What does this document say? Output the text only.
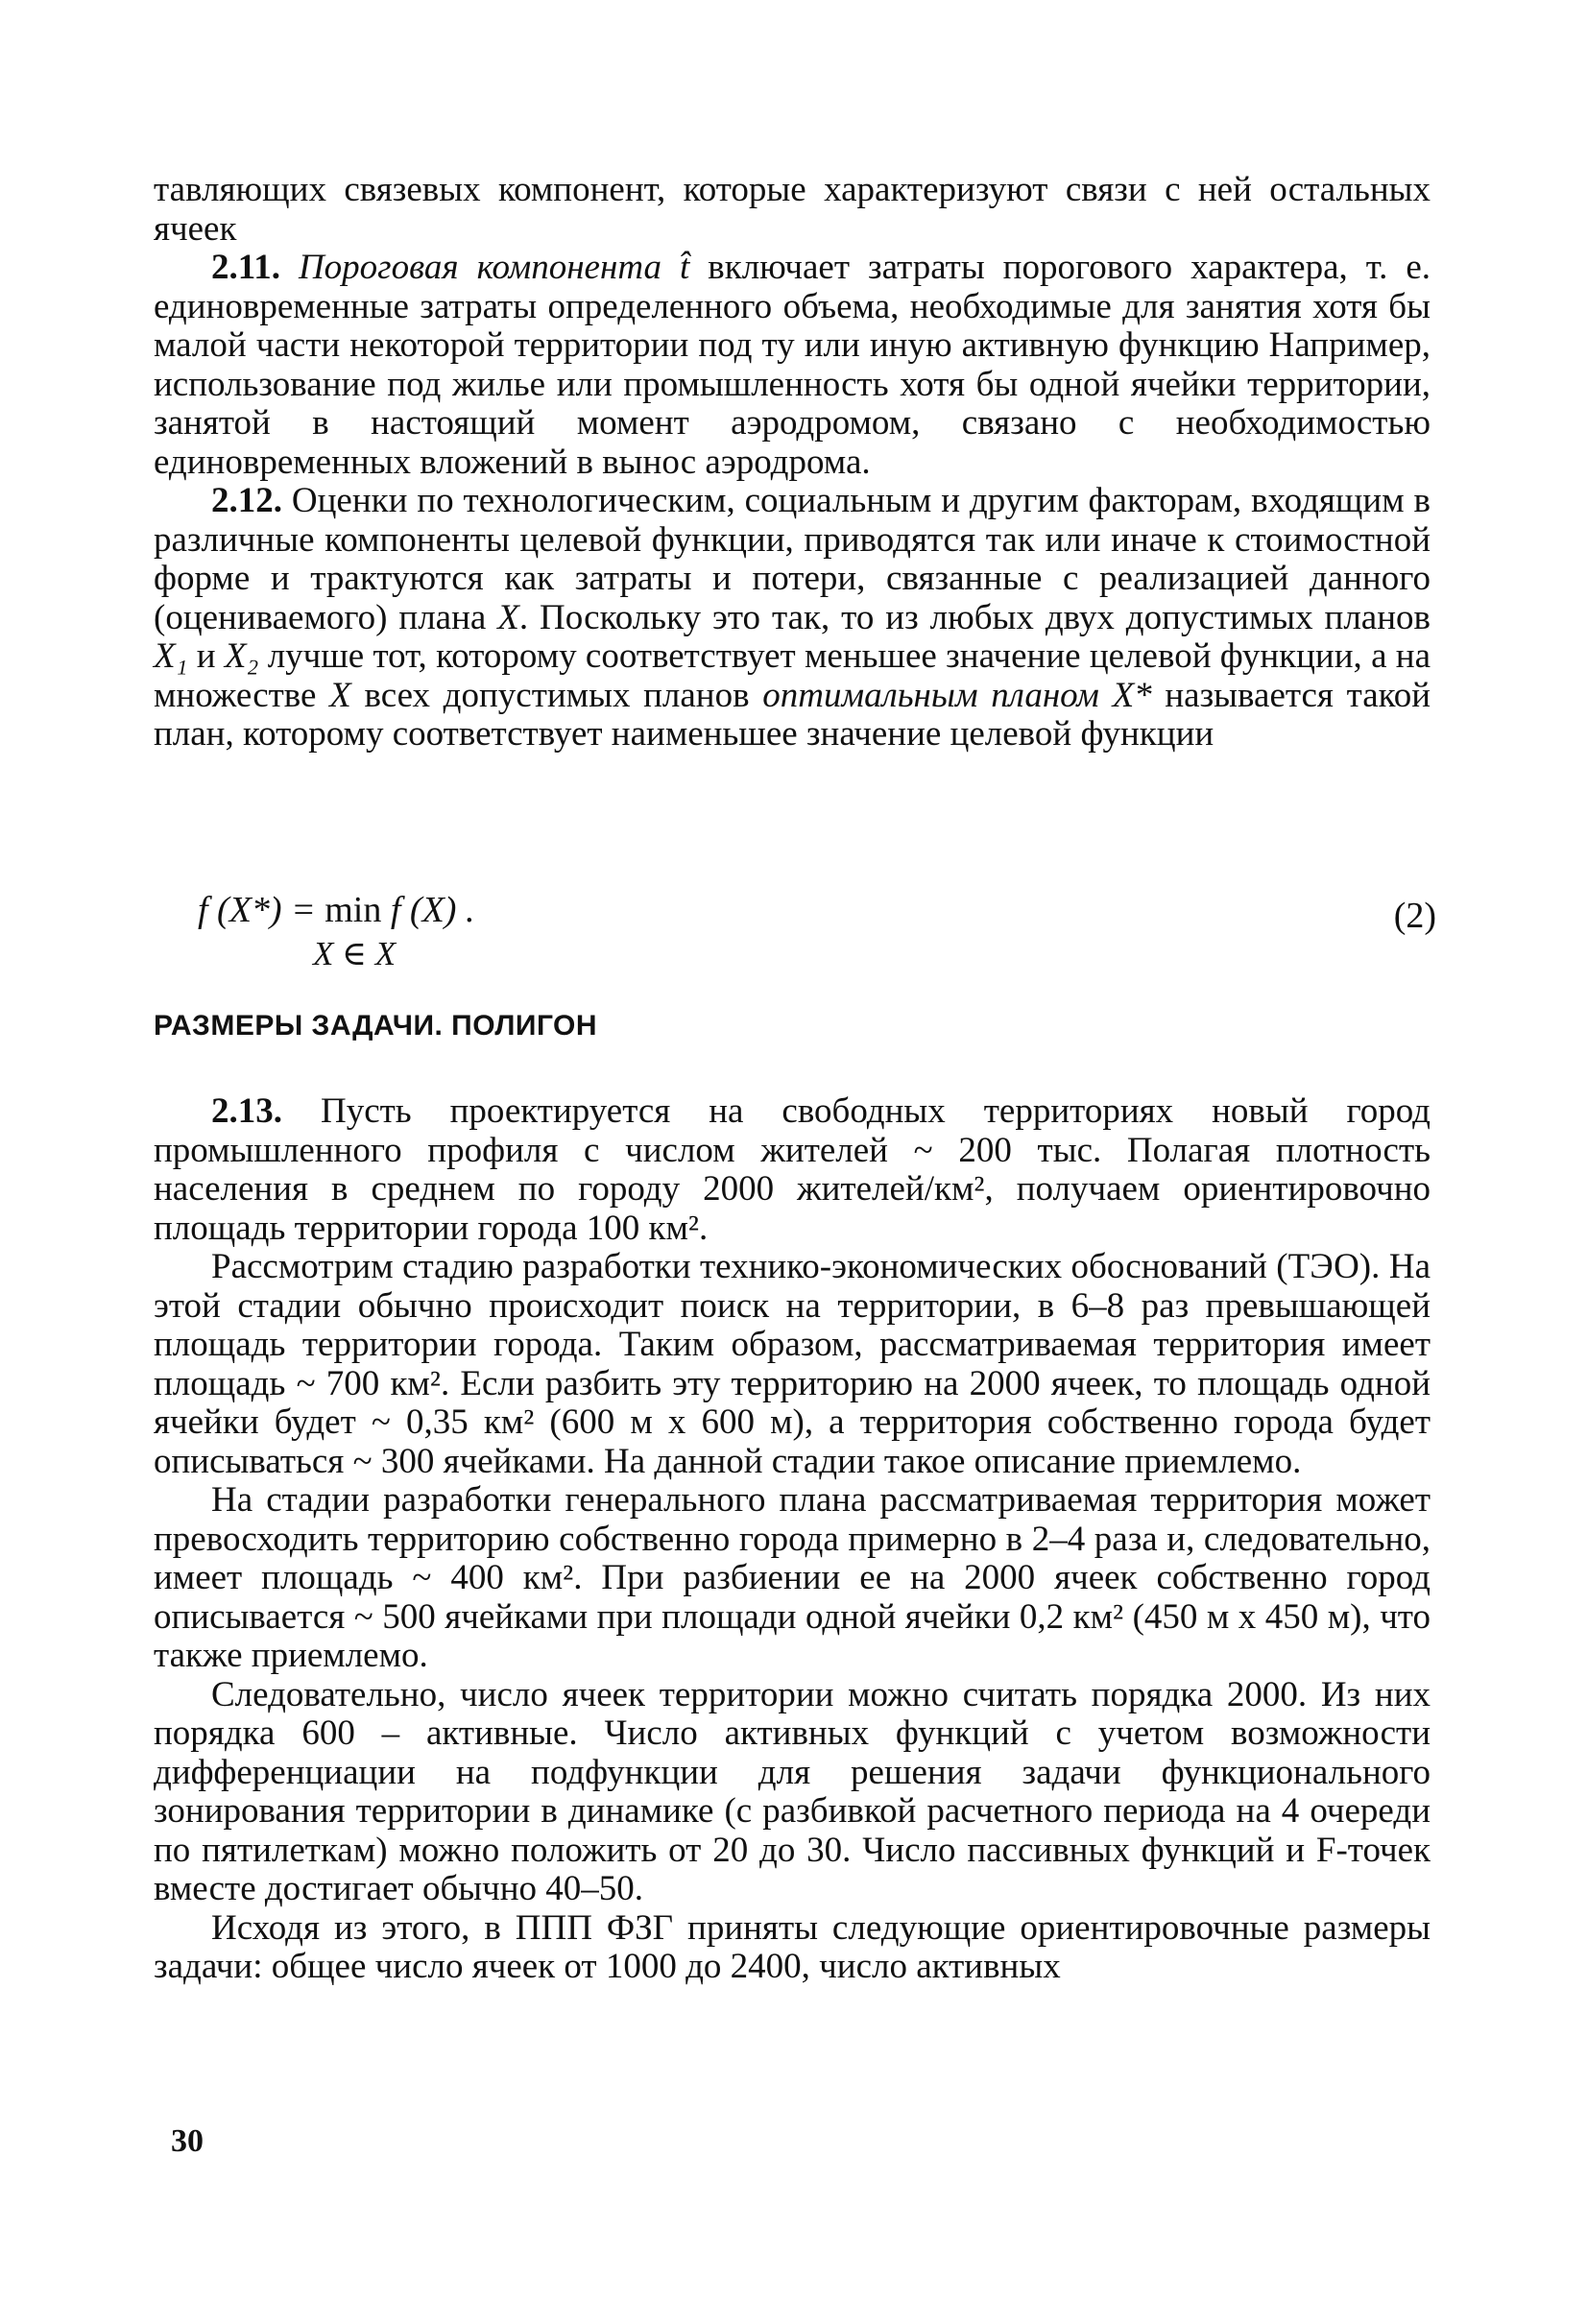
тавляющих связевых компонент, которые характеризуют связи с ней остальных ячеек

2.11. Пороговая компонента t̂ включает затраты порогового характера, т. е. единовременные затраты определенного объема, необходимые для занятия хотя бы малой части некоторой территории под ту или иную активную функцию Например, использование под жилье или промышленность хотя бы одной ячейки территории, занятой в настоящий момент аэродромом, связано с необходимостью единовременных вложений в вынос аэродрома.

2.12. Оценки по технологическим, социальным и другим факторам, входящим в различные компоненты целевой функции, приводятся так или иначе к стоимостной форме и трактуются как затраты и потери, связанные с реализацией данного (оцениваемого) плана X. Поскольку это так, то из любых двух допустимых планов X₁ и X₂ лучше тот, которому соответствует меньшее значение целевой функции, а на множестве X всех допустимых планов оптимальным планом X* называется такой план, которому соответствует наименьшее значение целевой функции

f (X*) = min f (X) .
X ∈ X
(2)
РАЗМЕРЫ ЗАДАЧИ. ПОЛИГОН

2.13. Пусть проектируется на свободных территориях новый город промышленного профиля с числом жителей ~ 200 тыс. Полагая плотность населения в среднем по городу 2000 жителей/км², получаем ориентировочно площадь территории города 100 км².

Рассмотрим стадию разработки технико-экономических обоснований (ТЭО). На этой стадии обычно происходит поиск на территории, в 6–8 раз превышающей площадь территории города. Таким образом, рассматриваемая территория имеет площадь ~ 700 км². Если разбить эту территорию на 2000 ячеек, то площадь одной ячейки будет ~ 0,35 км² (600 м х 600 м), а территория собственно города будет описываться ~ 300 ячейками. На данной стадии такое описание приемлемо.

На стадии разработки генерального плана рассматриваемая территория может превосходить территорию собственно города примерно в 2–4 раза и, следовательно, имеет площадь ~ 400 км². При разбиении ее на 2000 ячеек собственно город описывается ~ 500 ячейками при площади одной ячейки 0,2 км² (450 м х 450 м), что также приемлемо.

Следовательно, число ячеек территории можно считать порядка 2000. Из них порядка 600 – активные. Число активных функций с учетом возможности дифференциации на подфункции для решения задачи функционального зонирования территории в динамике (с разбивкой расчетного периода на 4 очереди по пятилеткам) можно положить от 20 до 30. Число пассивных функций и F-точек вместе достигает обычно 40–50.

Исходя из этого, в ППП ФЗГ приняты следующие ориентировочные размеры задачи: общее число ячеек от 1000 до 2400, число активных

30
